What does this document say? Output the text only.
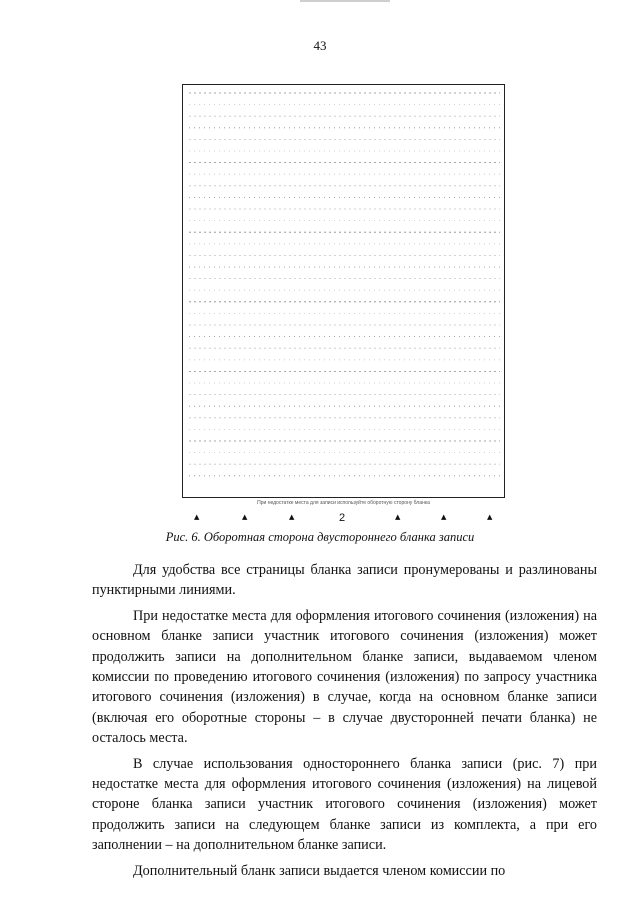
43
При недостатке места для записи используйте оборотную сторону бланка
▲	▲	▲	2	▲	▲	▲
Рис. 6. Оборотная сторона двустороннего бланка записи

Для удобства все страницы бланка записи пронумерованы и разлинованы пунктирными линиями.

При недостатке места для оформления итогового сочинения (изложения) на основном бланке записи участник итогового сочинения (изложения) может продолжить записи на дополнительном бланке записи, выдаваемом членом комиссии по проведению итогового сочинения (изложения) по запросу участника итогового сочинения (изложения) в случае, когда на основном бланке записи (включая его оборотные стороны – в случае двусторонней печати бланка) не осталось места.

В случае использования одностороннего бланка записи (рис. 7) при недостатке места для оформления итогового сочинения (изложения) на лицевой стороне бланка записи участник итогового сочинения (изложения) может продолжить записи на следующем бланке записи из комплекта, а при его заполнении – на дополнительном бланке записи.

Дополнительный бланк записи выдается членом комиссии по
